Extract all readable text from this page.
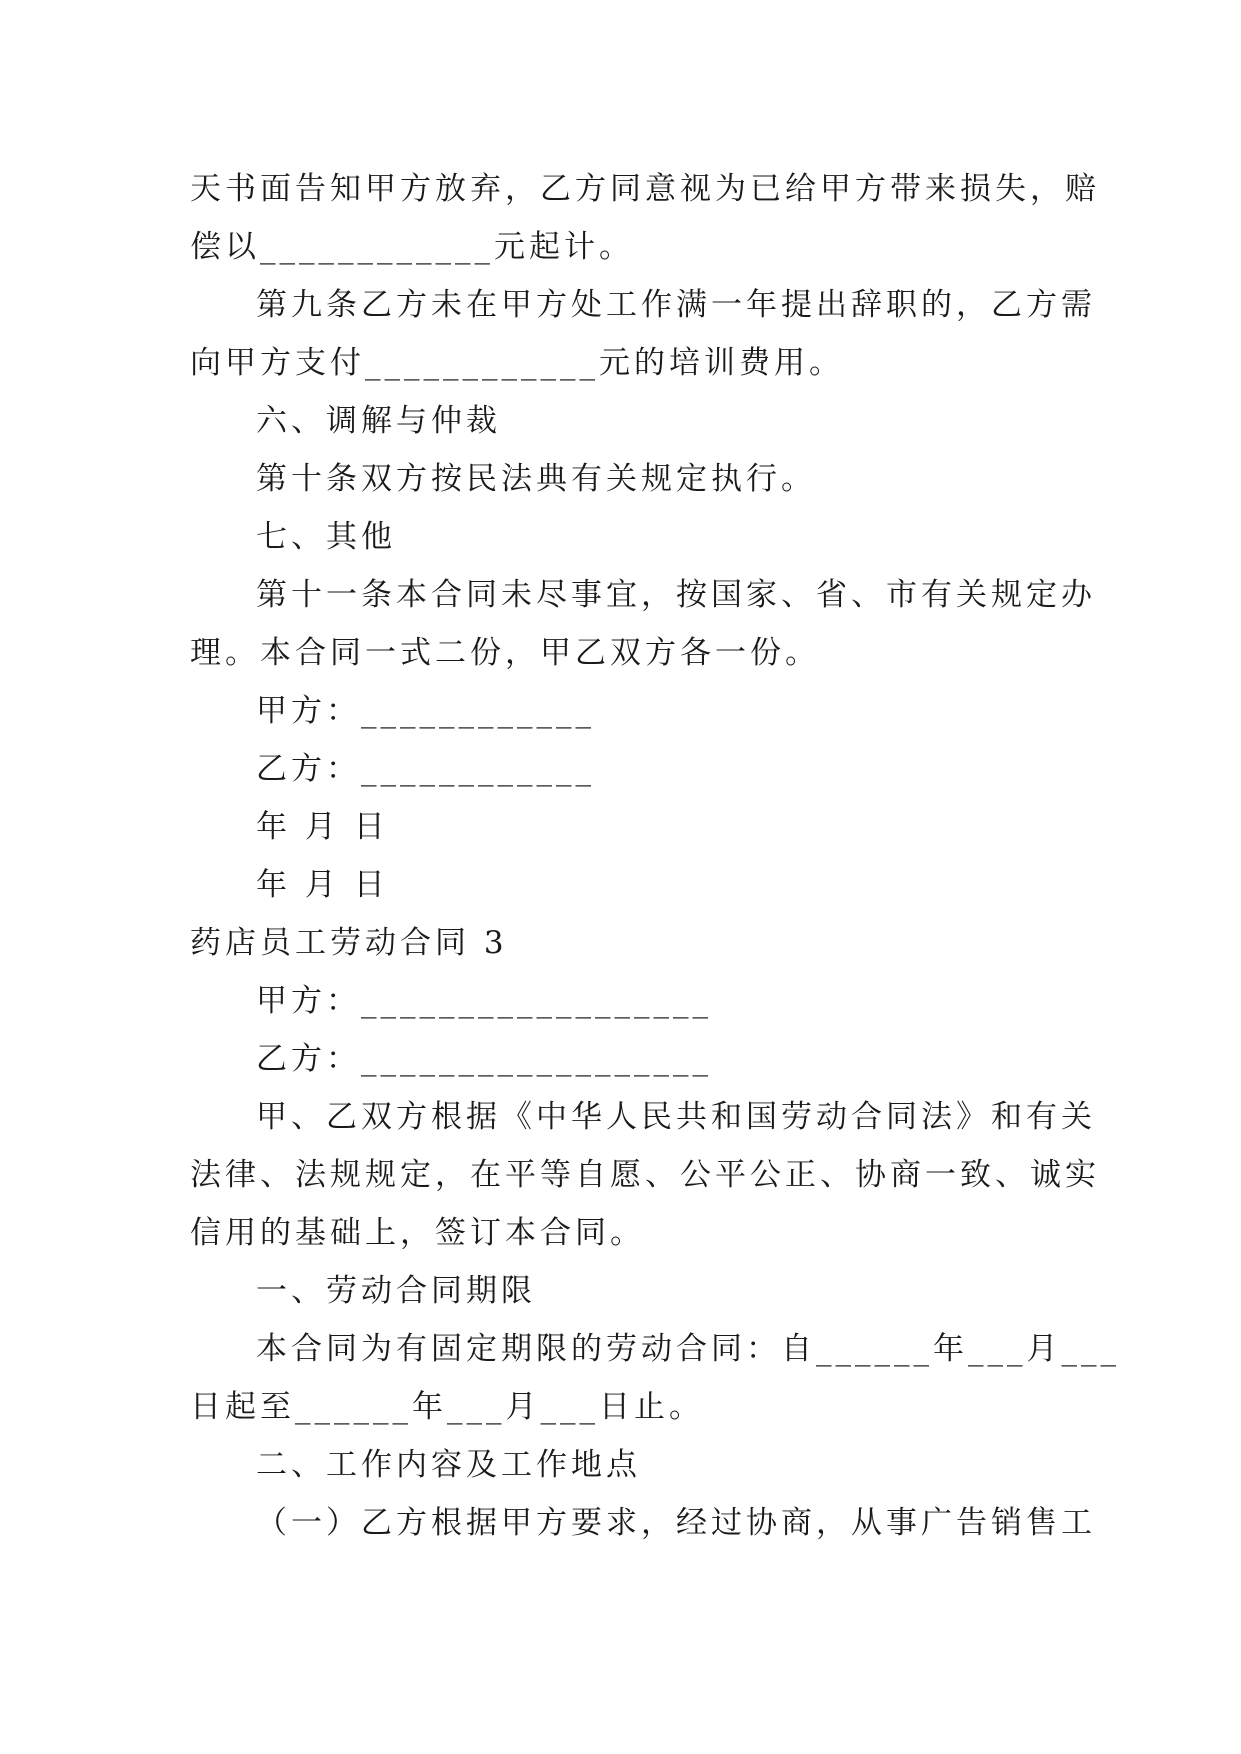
天书面告知甲方放弃，乙方同意视为已给甲方带来损失，赔
偿以____________元起计。
第九条乙方未在甲方处工作满一年提出辞职的，乙方需
向甲方支付____________元的培训费用。
六、调解与仲裁
第十条双方按民法典有关规定执行。
七、其他
第十一条本合同未尽事宜，按国家、省、市有关规定办
理。本合同一式二份，甲乙双方各一份。
甲方：____________
乙方：____________
年 月 日
年 月 日
药店员工劳动合同 3
甲方：__________________
乙方：__________________
甲、乙双方根据《中华人民共和国劳动合同法》和有关
法律、法规规定，在平等自愿、公平公正、协商一致、诚实
信用的基础上，签订本合同。
一、劳动合同期限
本合同为有固定期限的劳动合同：自______年___月___
日起至______年___月___日止。
二、工作内容及工作地点
（一）乙方根据甲方要求，经过协商，从事广告销售工
